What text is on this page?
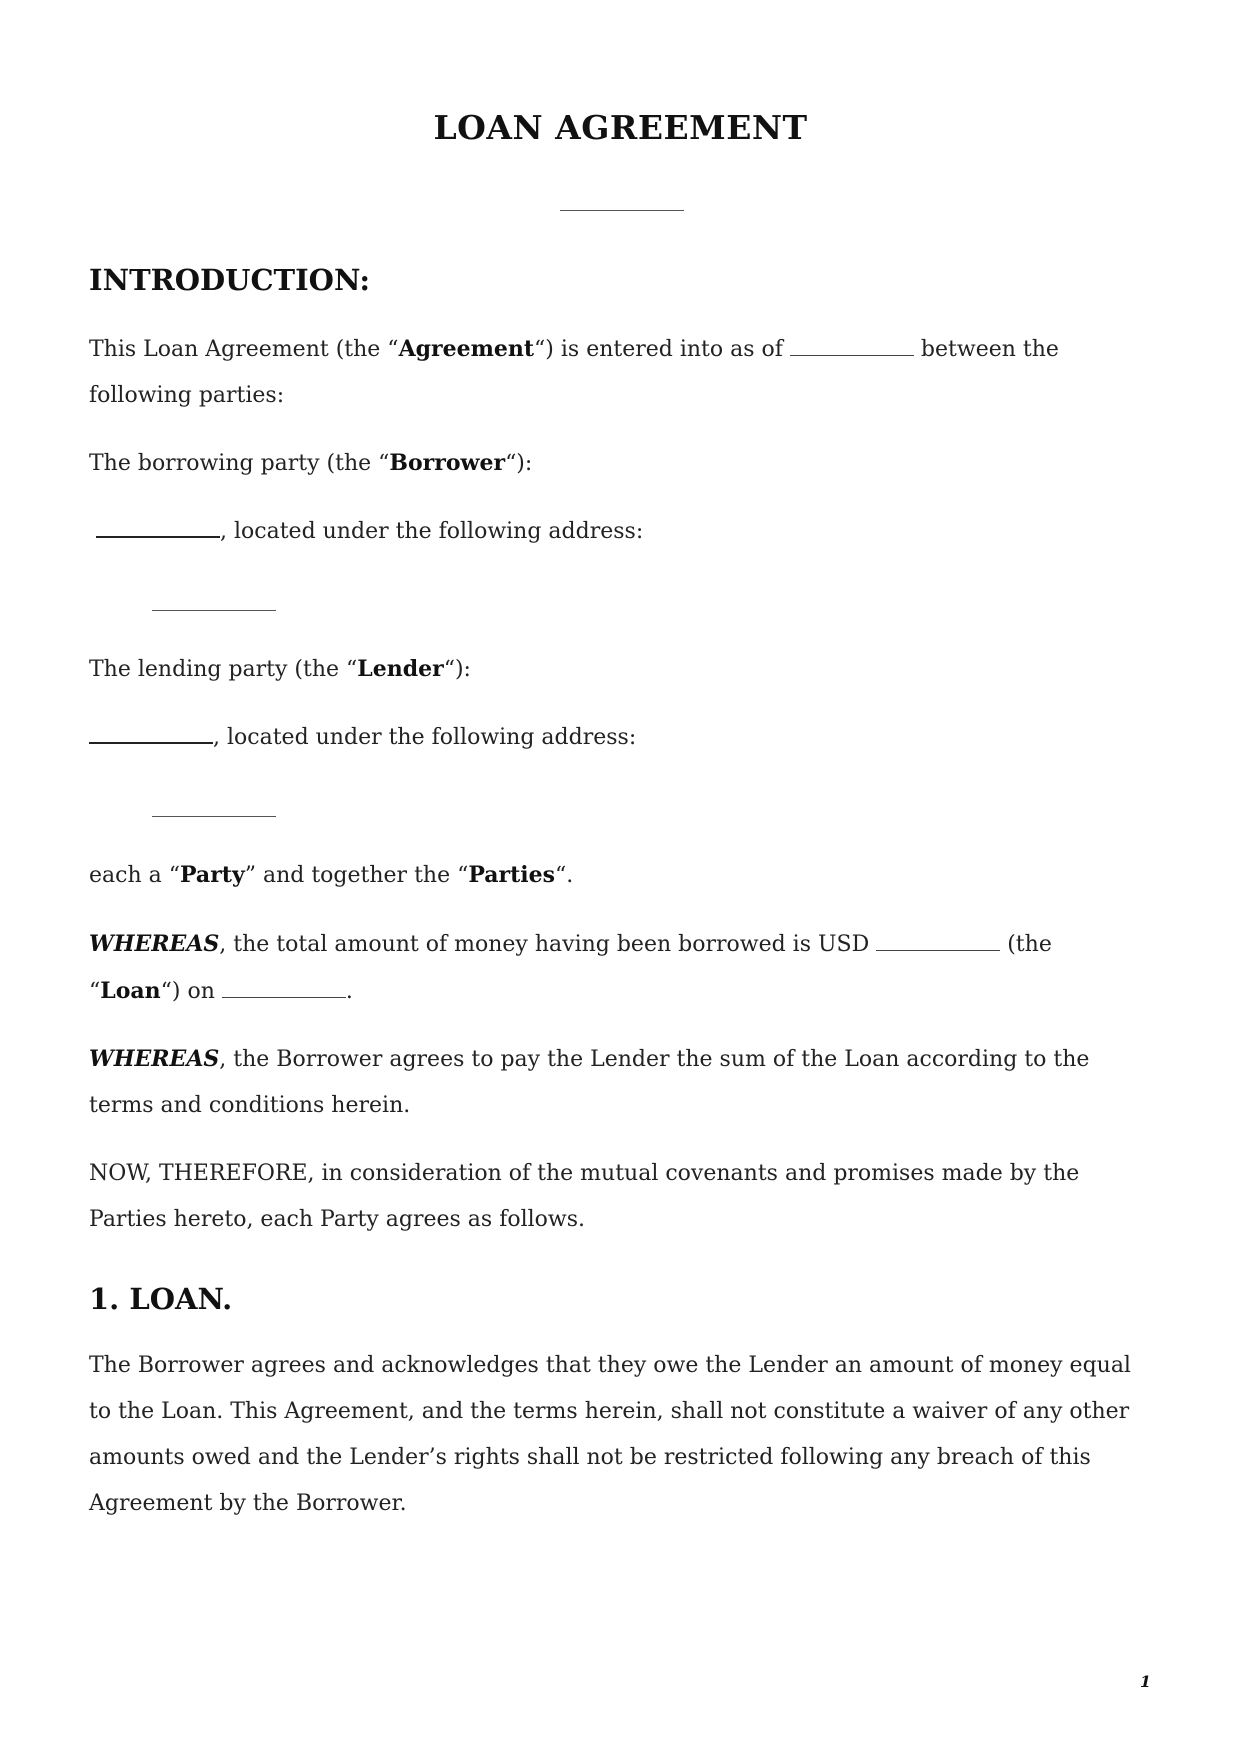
LOAN AGREEMENT
INTRODUCTION:
This Loan Agreement (the “Agreement“) is entered into as of	between the following parties:
The borrowing party (the “Borrower“):
, located under the following address:
The lending party (the “Lender“):
, located under the following address:
each a “Party” and together the “Parties“.
WHEREAS, the total amount of money having been borrowed is USD	(the “Loan“) on	.
WHEREAS, the Borrower agrees to pay the Lender the sum of the Loan according to the terms and conditions herein.
NOW, THEREFORE, in consideration of the mutual covenants and promises made by the Parties hereto, each Party agrees as follows.
1. LOAN.
The Borrower agrees and acknowledges that they owe the Lender an amount of money equal to the Loan. This Agreement, and the terms herein, shall not constitute a waiver of any other amounts owed and the Lender’s rights shall not be restricted following any breach of this Agreement by the Borrower.
1
